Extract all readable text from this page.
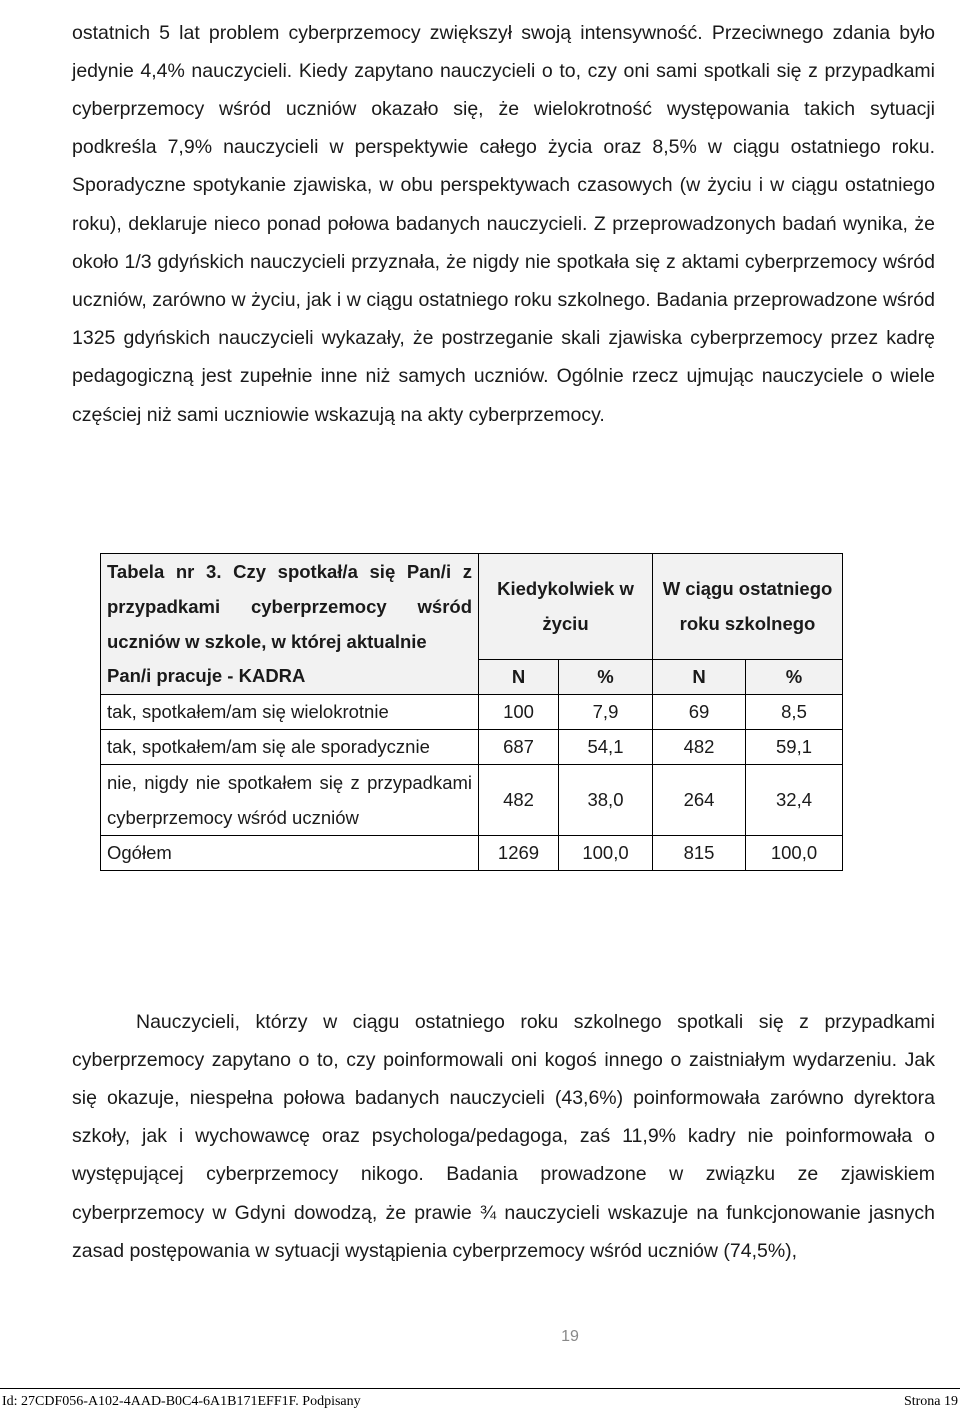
ostatnich 5 lat problem cyberprzemocy zwiększył swoją intensywność. Przeciwnego zdania było jedynie 4,4% nauczycieli. Kiedy zapytano nauczycieli o to, czy oni sami spotkali się z przypadkami cyberprzemocy wśród uczniów okazało się, że wielokrotność występowania takich sytuacji podkreśla 7,9% nauczycieli w perspektywie całego życia oraz 8,5% w ciągu ostatniego roku. Sporadyczne spotykanie zjawiska, w obu perspektywach czasowych (w życiu i w ciągu ostatniego roku), deklaruje nieco ponad połowa badanych nauczycieli. Z przeprowadzonych badań wynika, że około 1/3 gdyńskich nauczycieli przyznała, że nigdy nie spotkała się z aktami cyberprzemocy wśród uczniów, zarówno w życiu, jak i w ciągu ostatniego roku szkolnego. Badania przeprowadzone wśród 1325 gdyńskich nauczycieli wykazały, że postrzeganie skali zjawiska cyberprzemocy przez kadrę pedagogiczną jest zupełnie inne niż samych uczniów. Ogólnie rzecz ujmując nauczyciele o wiele częściej niż sami uczniowie wskazują na akty cyberprzemocy.

Tabela nr 3. Czy spotkał/a się Pan/i z przypadkami cyberprzemocy wśród uczniów w szkole, w której aktualnie	Kiedykolwiek w życiu		W ciągu ostatniego roku szkolnego	
Pan/i pracuje - KADRA	N	%	N	%
tak, spotkałem/am się wielokrotnie	100	7,9	69	8,5
tak, spotkałem/am się ale sporadycznie	687	54,1	482	59,1
nie, nigdy nie spotkałem się z przypadkami cyberprzemocy wśród uczniów	482	38,0	264	32,4
Ogółem	1269	100,0	815	100,0

Nauczycieli, którzy w ciągu ostatniego roku szkolnego spotkali się z przypadkami cyberprzemocy zapytano o to, czy poinformowali oni kogoś innego o zaistniałym wydarzeniu. Jak się okazuje, niespełna połowa badanych nauczycieli (43,6%) poinformowała zarówno dyrektora szkoły, jak i wychowawcę oraz psychologa/pedagoga, zaś 11,9% kadry nie poinformowała o występującej cyberprzemocy nikogo. Badania prowadzone w związku ze zjawiskiem cyberprzemocy w Gdyni dowodzą, że prawie ¾ nauczycieli wskazuje na funkcjonowanie jasnych zasad postępowania w sytuacji wystąpienia cyberprzemocy wśród uczniów (74,5%),

19
Id: 27CDF056-A102-4AAD-B0C4-6A1B171EFF1F. Podpisany	Strona 19
